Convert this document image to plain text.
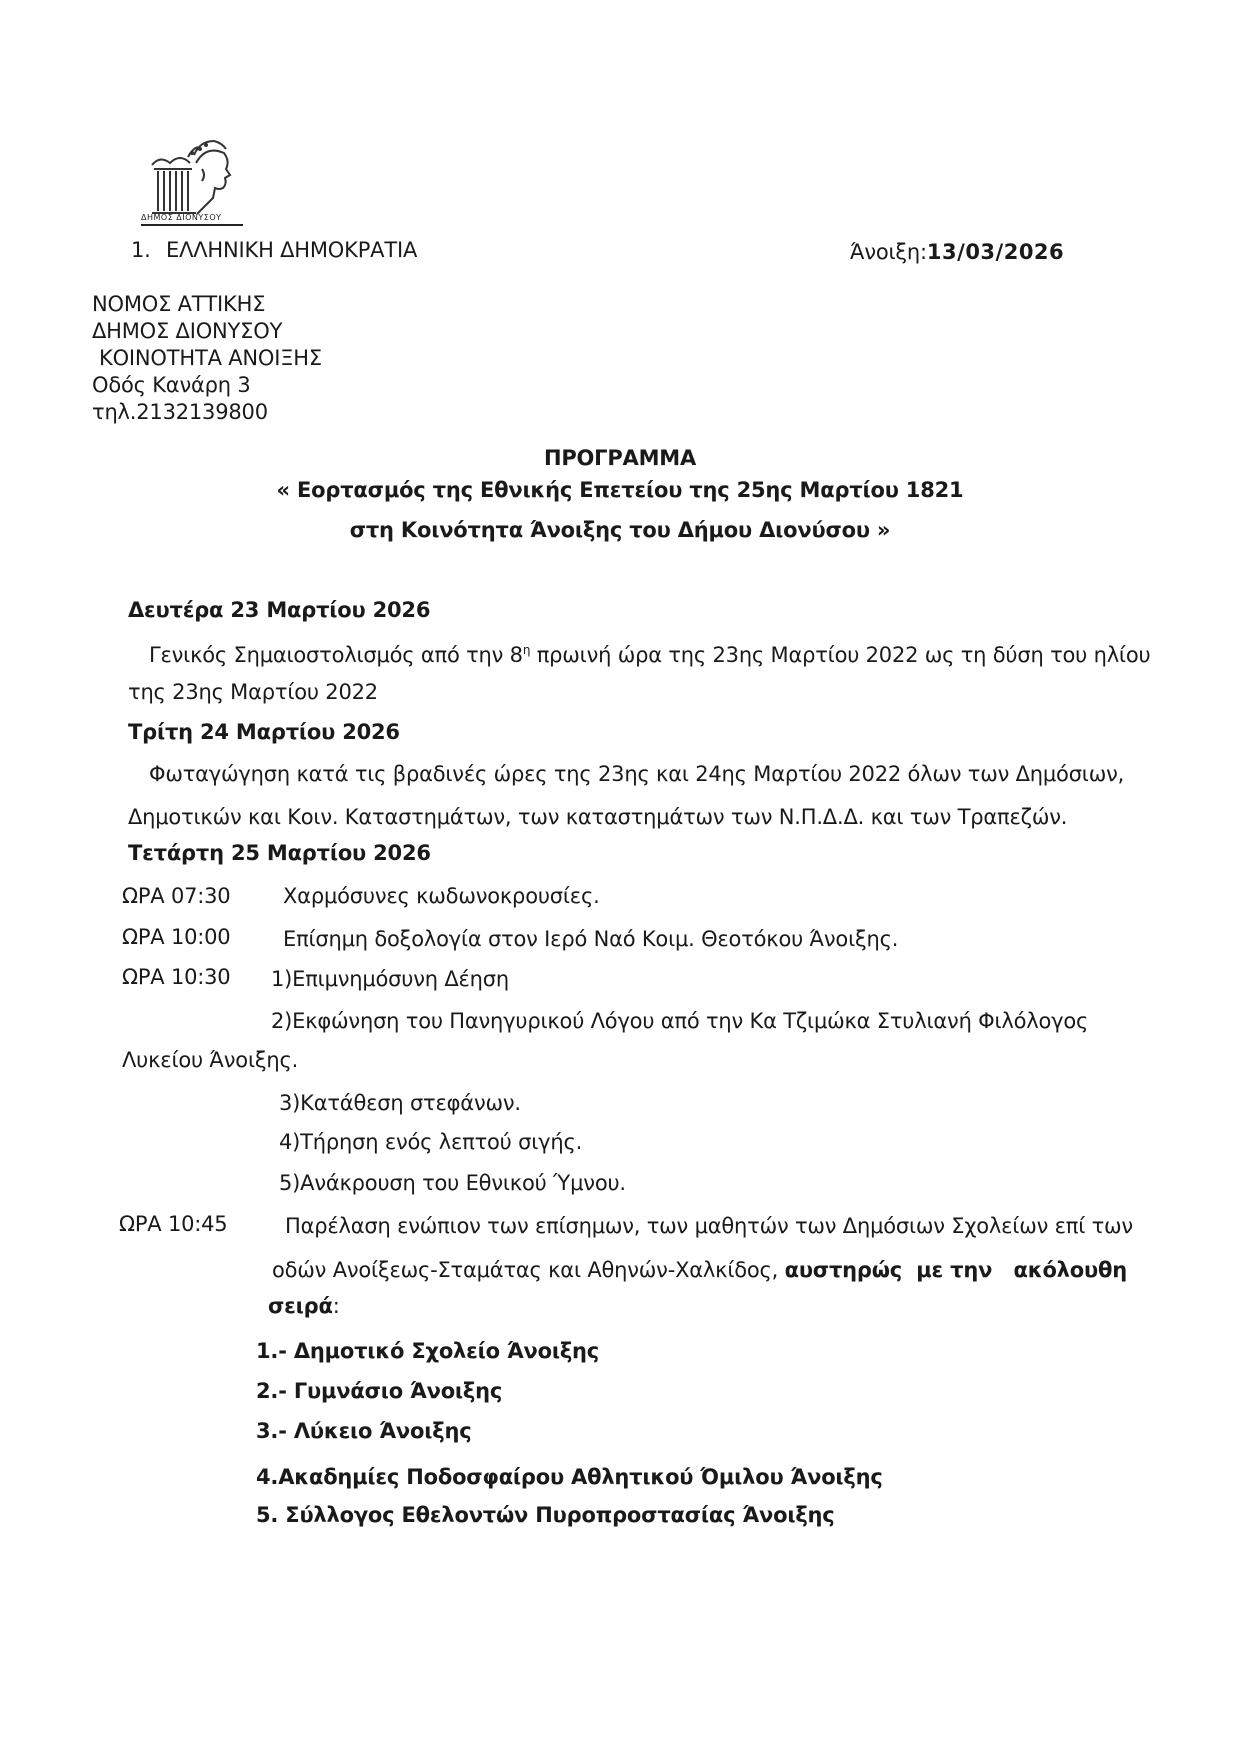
ΔΗΜΟΣ ΔΙΟΝΥΣΟΥ
1. ΕΛΛΗΝΙΚΗ ΔΗΜΟΚΡΑΤΙΑ	Άνοιξη:13/03/2026
ΝΟΜΟΣ ΑΤΤΙΚΗΣ
ΔΗΜΟΣ ΔΙΟΝΥΣΟΥ
ΚΟΙΝΟΤΗΤΑ ΑΝΟΙΞΗΣ
Οδός Κανάρη 3
τηλ.2132139800
ΠΡΟΓΡΑΜΜΑ
« Εορτασμός της Εθνικής Επετείου της 25ης Μαρτίου 1821
στη Κοινότητα Άνοιξης του Δήμου Διονύσου »
Δευτέρα 23 Μαρτίου 2026
Γενικός Σημαιοστολισμός από την $8^\eta$ πρωινή ώρα της 23ης Μαρτίου 2022 ως τη δύση του ηλίου
της 23ης Μαρτίου 2022
Τρίτη 24 Μαρτίου 2026
Φωταγώγηση κατά τις βραδινές ώρες της 23ης και 24ης Μαρτίου 2022 όλων των Δημόσιων,
Δημοτικών και Κοιν. Καταστημάτων, των καταστημάτων των Ν.Π.Δ.Δ. και των Τραπεζών.
Τετάρτη 25 Μαρτίου 2026
ΩΡΑ 07:30	Χαρμόσυνες κωδωνοκρουσίες.
ΩΡΑ 10:00	Επίσημη δοξολογία στον Ιερό Ναό Κοιμ. Θεοτόκου Άνοιξης.
ΩΡΑ 10:30 1)Επιμνημόσυνη Δέηση
2)Εκφώνηση του Πανηγυρικού Λόγου από την Κα Τζιμώκα Στυλιανή Φιλόλογος
Λυκείου Άνοιξης.
3)Κατάθεση στεφάνων.
4)Τήρηση ενός λεπτού σιγής.
5)Ανάκρουση του Εθνικού Ύμνου.
ΩΡΑ 10:45	Παρέλαση ενώπιον των επίσημων, των μαθητών των Δημόσιων Σχολείων επί των
οδών Ανοίξεως-Σταμάτας και Αθηνών-Χαλκίδος, αυστηρώς  με την   ακόλουθη
σειρά:
1.- Δημοτικό Σχολείο Άνοιξης
2.- Γυμνάσιο Άνοιξης
3.- Λύκειο Άνοιξης
4.Ακαδημίες Ποδοσφαίρου Αθλητικού Όμιλου Άνοιξης
5. Σύλλογος Εθελοντών Πυροπροστασίας Άνοιξης
